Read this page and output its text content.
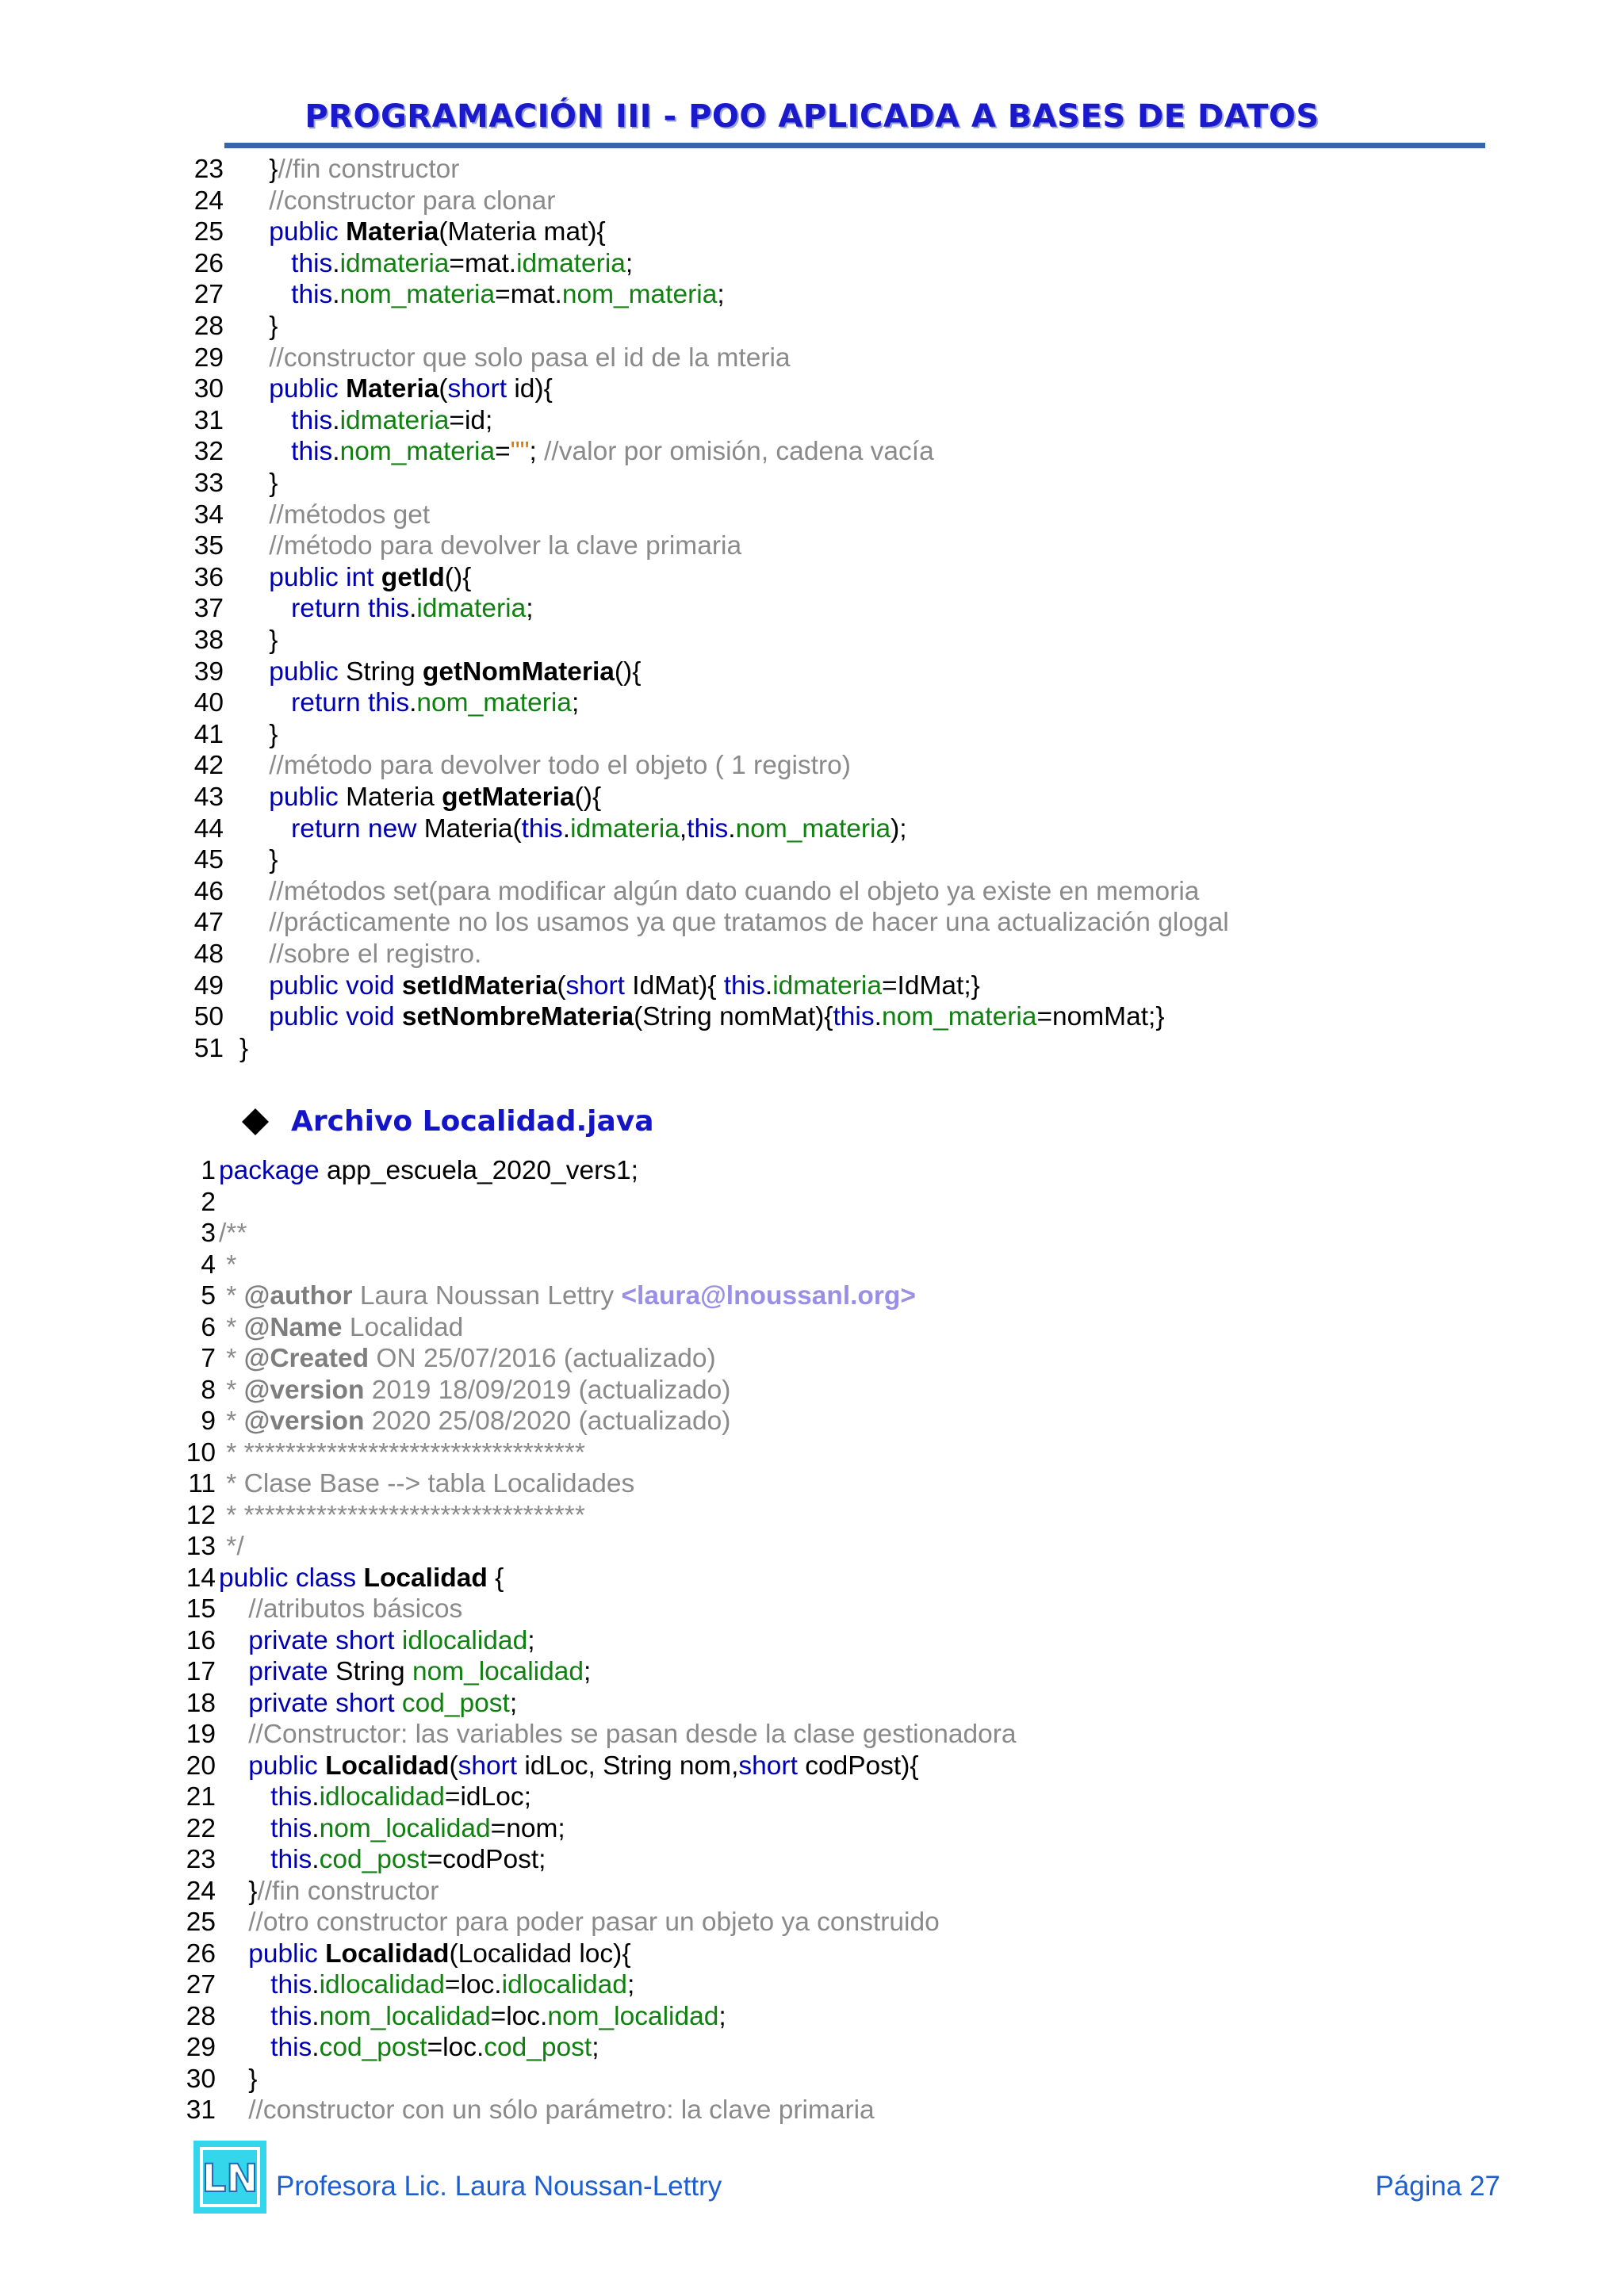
PROGRAMACIÓN III - POO APLICADA A BASES DE DATOS
23 }//fin constructor
24 //constructor para clonar
25 public Materia(Materia mat){
26	this.idmateria=mat.idmateria;
27	this.nom_materia=mat.nom_materia;
28 }
29 //constructor que solo pasa el id de la mteria
30 public Materia(short id){
31	this.idmateria=id;
32	this.nom_materia=""; //valor por omisión, cadena vacía
33 }
34 //métodos get
35 //método para devolver la clave primaria
36 public int getId(){
37	return this.idmateria;
38 }
39 public String getNomMateria(){
40	return this.nom_materia;
41 }
42 //método para devolver todo el objeto ( 1 registro)
43 public Materia getMateria(){
44	return new Materia(this.idmateria,this.nom_materia);
45 }
46 //métodos set(para modificar algún dato cuando el objeto ya existe en memoria
47 //prácticamente no los usamos ya que tratamos de hacer una actualización glogal
48 //sobre el registro.
49 public void setIdMateria(short IdMat){ this.idmateria=IdMat;}
50 public void setNombreMateria(String nomMat){this.nom_materia=nomMat;}
51 }
Archivo Localidad.java
1 package app_escuela_2020_vers1;
2
3 /**
4 *
5 * @author Laura Noussan Lettry <laura@lnoussanl.org>
6 * @Name Localidad
7 * @Created ON 25/07/2016 (actualizado)
8 * @version 2019 18/09/2019 (actualizado)
9 * @version 2020 25/08/2020 (actualizado)
10 * *********************************
11 * Clase Base --> tabla Localidades
12 * *********************************
13 */
14 public class Localidad {
15 //atributos básicos
16 private short idlocalidad;
17 private String nom_localidad;
18 private short cod_post;
19 //Constructor: las variables se pasan desde la clase gestionadora
20 public Localidad(short idLoc, String nom,short codPost){
21 this.idlocalidad=idLoc;
22 this.nom_localidad=nom;
23 this.cod_post=codPost;
24 }//fin constructor
25 //otro constructor para poder pasar un objeto ya construido
26 public Localidad(Localidad loc){
27 this.idlocalidad=loc.idlocalidad;
28 this.nom_localidad=loc.nom_localidad;
29 this.cod_post=loc.cod_post;
30 }
31 //constructor con un sólo parámetro: la clave primaria
LN Profesora Lic. Laura Noussan-Lettry	Página 27
